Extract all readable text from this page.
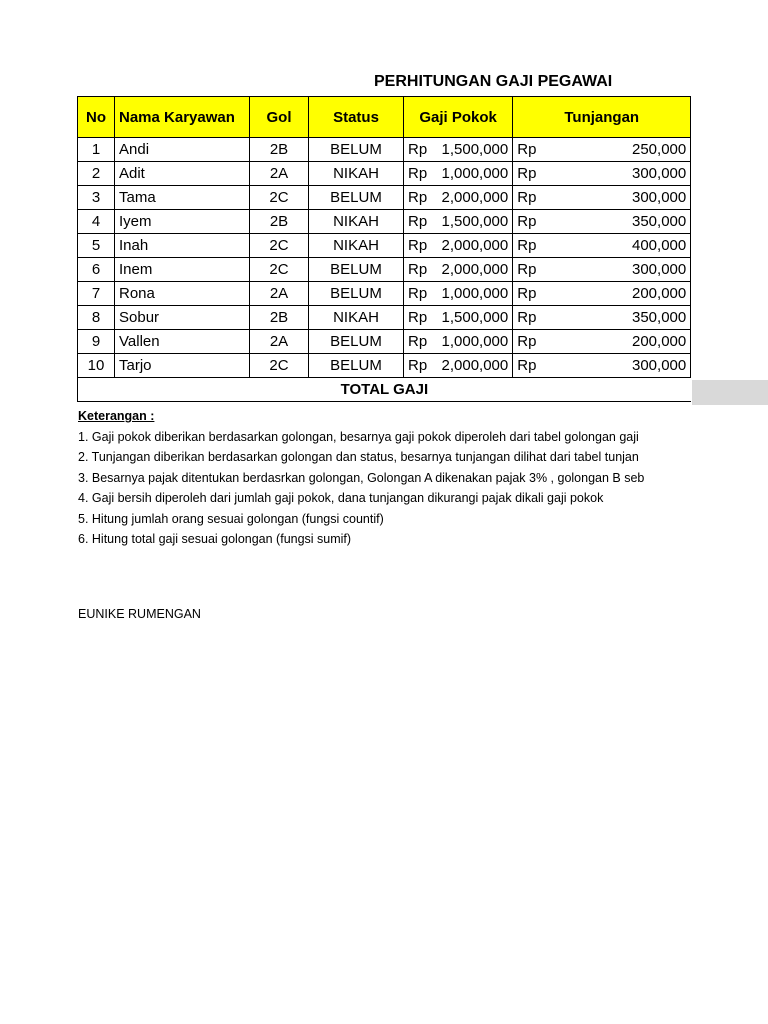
PERHITUNGAN GAJI PEGAWAI
No	Nama Karyawan	Gol	Status	Gaji Pokok		Tunjangan	
1	Andi	2B	BELUM	Rp	1,500,000	Rp	250,000
2	Adit	2A	NIKAH	Rp	1,000,000	Rp	300,000
3	Tama	2C	BELUM	Rp	2,000,000	Rp	300,000
4	Iyem	2B	NIKAH	Rp	1,500,000	Rp	350,000
5	Inah	2C	NIKAH	Rp	2,000,000	Rp	400,000
6	Inem	2C	BELUM	Rp	2,000,000	Rp	300,000
7	Rona	2A	BELUM	Rp	1,000,000	Rp	200,000
8	Sobur	2B	NIKAH	Rp	1,500,000	Rp	350,000
9	Vallen	2A	BELUM	Rp	1,000,000	Rp	200,000
10	Tarjo	2C	BELUM	Rp	2,000,000	Rp	300,000
TOTAL GAJI							
Keterangan :
1. Gaji pokok diberikan berdasarkan golongan, besarnya gaji pokok diperoleh dari tabel golongan gaji
2. Tunjangan diberikan berdasarkan golongan dan status, besarnya tunjangan dilihat dari tabel tunjan
3. Besarnya pajak ditentukan berdasrkan golongan, Golongan A dikenakan pajak 3% , golongan B seb
4. Gaji bersih diperoleh dari jumlah gaji pokok, dana tunjangan dikurangi pajak dikali gaji pokok
5. Hitung jumlah orang sesuai golongan (fungsi countif)
6. Hitung total gaji sesuai golongan (fungsi sumif)
EUNIKE RUMENGAN
